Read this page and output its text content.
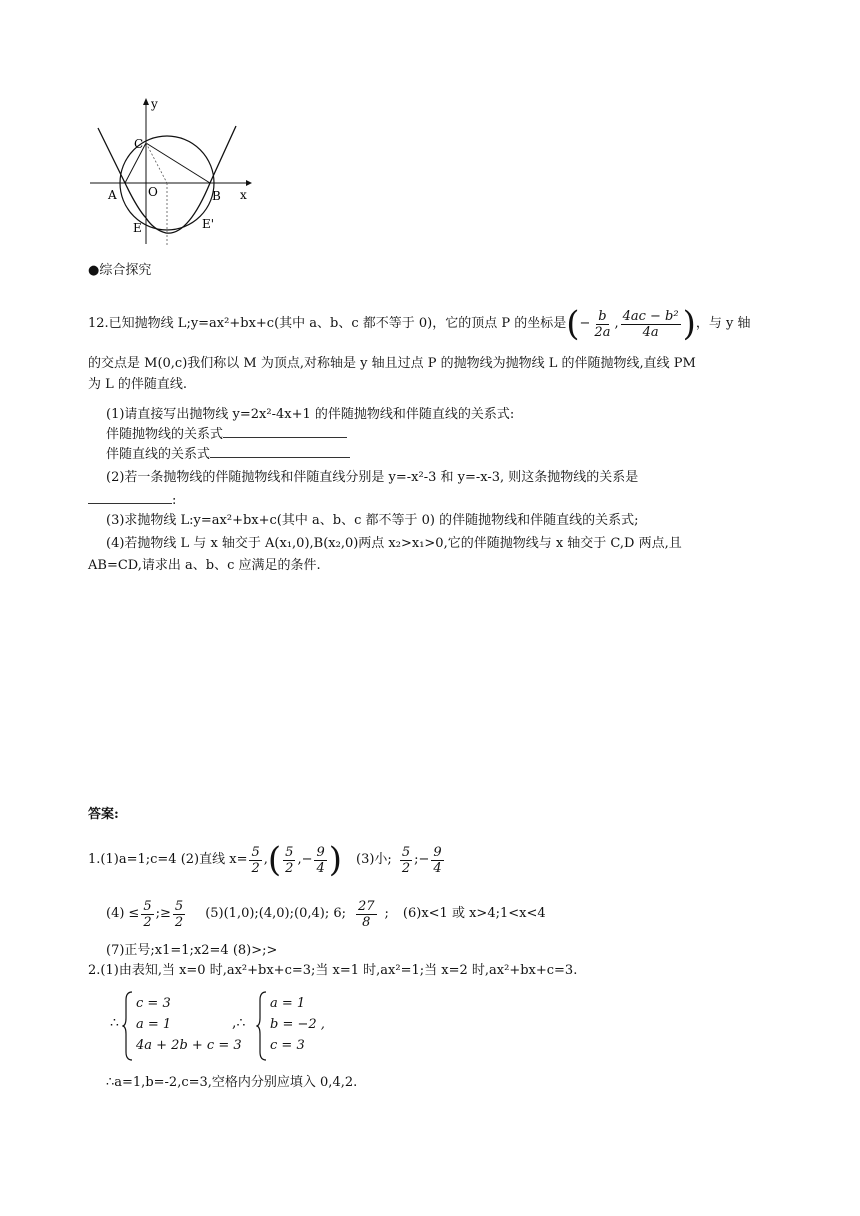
y
x
C
A	O	B
E	E'
●综合探究
12.已知抛物线 L;y=ax²+bx+c(其中 a、b、c 都不等于 0)，它的顶点 P 的坐标是 ( − $\frac{b}{2a}$ , $\frac{\text{4ac − b²}}{4a}$ ) ，与 y 轴
的交点是 M(0,c)我们称以 M 为顶点,对称轴是 y 轴且过点 P 的抛物线为抛物线 L 的伴随抛物线,直线 PM
为 L 的伴随直线.
(1)请直接写出抛物线 y=2x²-4x+1 的伴随抛物线和伴随直线的关系式:
伴随抛物线的关系式
伴随直线的关系式
(2)若一条抛物线的伴随抛物线和伴随直线分别是 y=-x²-3 和 y=-x-3, 则这条抛物线的关系是
:
(3)求抛物线 L:y=ax²+bx+c(其中 a、b、c 都不等于 0) 的伴随抛物线和伴随直线的关系式;
(4)若抛物线 L 与 x 轴交于 A(x₁,0),B(x₂,0)两点 x₂>x₁>0,它的伴随抛物线与 x 轴交于 C,D 两点,且
AB=CD,请求出 a、b、c 应满足的条件.
答案:
1.(1)a=1;c=4 (2)直线 $x= \frac{5}{2}$ , ( $\frac{5}{2}$ ,− $\frac{9}{4}$ ) (3)小; $\frac{5}{2}$ ;− $\frac{9}{4}$
$(4) \le \frac{5}{2}$ ; ≥ $\frac{5}{2}$ (5)(1,0);(4,0);(0,4); 6; $\frac{27}{8}$ ; (6)x<1 或 x>4;1<x<4
(7)正号;x1=1;x2=4 (8)>;>
2.(1)由表知,当 x=0 时,ax²+bx+c=3;当 x=1 时,ax²=1;当 x=2 时,ax²+bx+c=3.
∴
c = 3
a = 1
4a + 2b + c = 3
,∴
a = 1
b = −2 ,
c = 3
∴a=1,b=-2,c=3,空格内分别应填入 0,4,2.
